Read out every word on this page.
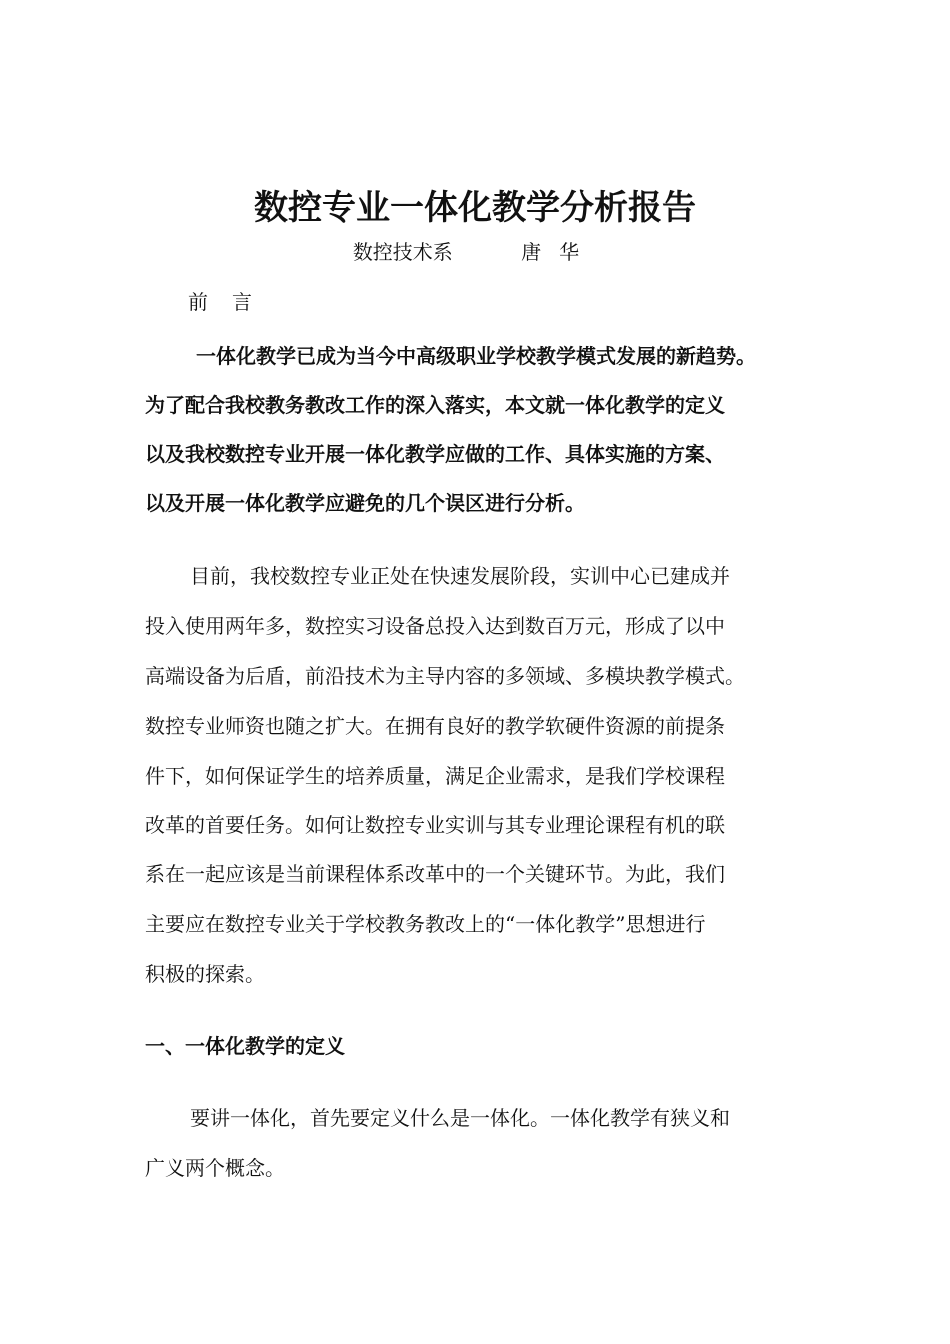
数控专业一体化教学分析报告
数控技术系	唐华
前言
一体化教学已成为当今中高级职业学校教学模式发展的新趋势。
为了配合我校教务教改工作的深入落实，本文就一体化教学的定义
以及我校数控专业开展一体化教学应做的工作、具体实施的方案、
以及开展一体化教学应避免的几个误区进行分析。
目前，我校数控专业正处在快速发展阶段，实训中心已建成并
投入使用两年多，数控实习设备总投入达到数百万元，形成了以中
高端设备为后盾，前沿技术为主导内容的多领域、多模块教学模式。
数控专业师资也随之扩大。在拥有良好的教学软硬件资源的前提条
件下，如何保证学生的培养质量，满足企业需求，是我们学校课程
改革的首要任务。如何让数控专业实训与其专业理论课程有机的联
系在一起应该是当前课程体系改革中的一个关键环节。为此，我们
主要应在数控专业关于学校教务教改上的“一体化教学”思想进行
积极的探索。
一、一体化教学的定义
要讲一体化，首先要定义什么是一体化。一体化教学有狭义和
广义两个概念。
